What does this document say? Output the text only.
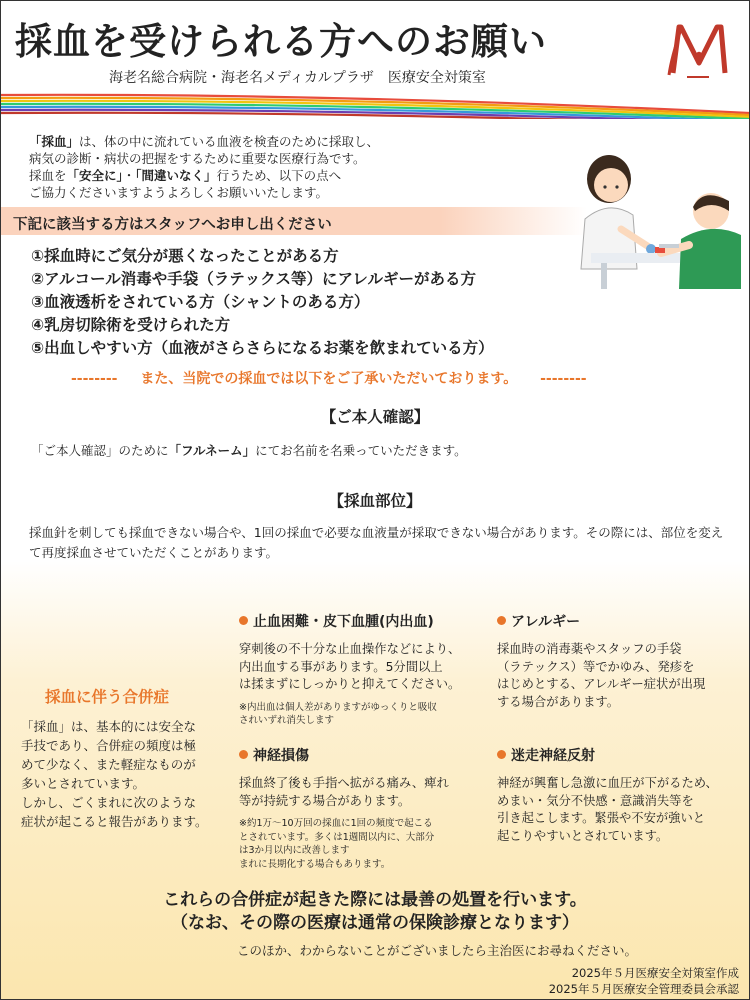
採血を受けられる方へのお願い
海老名総合病院・海老名メディカルプラザ　医療安全対策室

「採血」は、体の中に流れている血液を検査のために採取し、

病気の診断・病状の把握をするために重要な医療行為です。

採血を「安全に」・「間違いなく」行うため、以下の点へ

ご協力くださいますようよろしくお願いいたします。

下記に該当する方はスタッフへお申し出ください
①採血時にご気分が悪くなったことがある方
②アルコール消毒や手袋（ラテックス等）にアレルギーがある方
③血液透析をされている方（シャントのある方）
④乳房切除術を受けられた方
⑤出血しやすい方（血液がさらさらになるお薬を飲まれている方）
-------- また、当院での採血では以下をご了承いただいております。 --------
【ご本人確認】
「ご本人確認」のために「フルネーム」にてお名前を名乗っていただきます。
【採血部位】
採血針を刺しても採血できない場合や、1回の採血で必要な血液量が採取できない場合があります。その際には、部位を変えて再度採血させていただくことがあります。
採血に伴う合併症
「採血」は、基本的には安全な
手技であり、合併症の頻度は極
めて少なく、また軽症なものが
多いとされています。
しかし、ごくまれに次のような
症状が起こると報告があります。
止血困難・皮下血腫(内出血)
穿刺後の不十分な止血操作などにより、
内出血する事があります。5分間以上
は揉まずにしっかりと抑えてください。
※内出血は個人差がありますがゆっくりと吸収
されいずれ消失します
アレルギー
採血時の消毒薬やスタッフの手袋
（ラテックス）等でかゆみ、発疹を
はじめとする、アレルギー症状が出現
する場合があります。
神経損傷
採血終了後も手指へ拡がる痛み、痺れ
等が持続する場合があります。
※約1万～10万回の採血に1回の頻度で起こる
とされています。多くは1週間以内に、大部分
は3か月以内に改善します
まれに長期化する場合もあります。
迷走神経反射
神経が興奮し急激に血圧が下がるため、
めまい・気分不快感・意識消失等を
引き起こします。緊張や不安が強いと
起こりやすいとされています。
これらの合併症が起きた際には最善の処置を行います。
（なお、その際の医療は通常の保険診療となります）
このほか、わからないことがございましたら主治医にお尋ねください。
2025年５月医療安全対策室作成
2025年５月医療安全管理委員会承認
